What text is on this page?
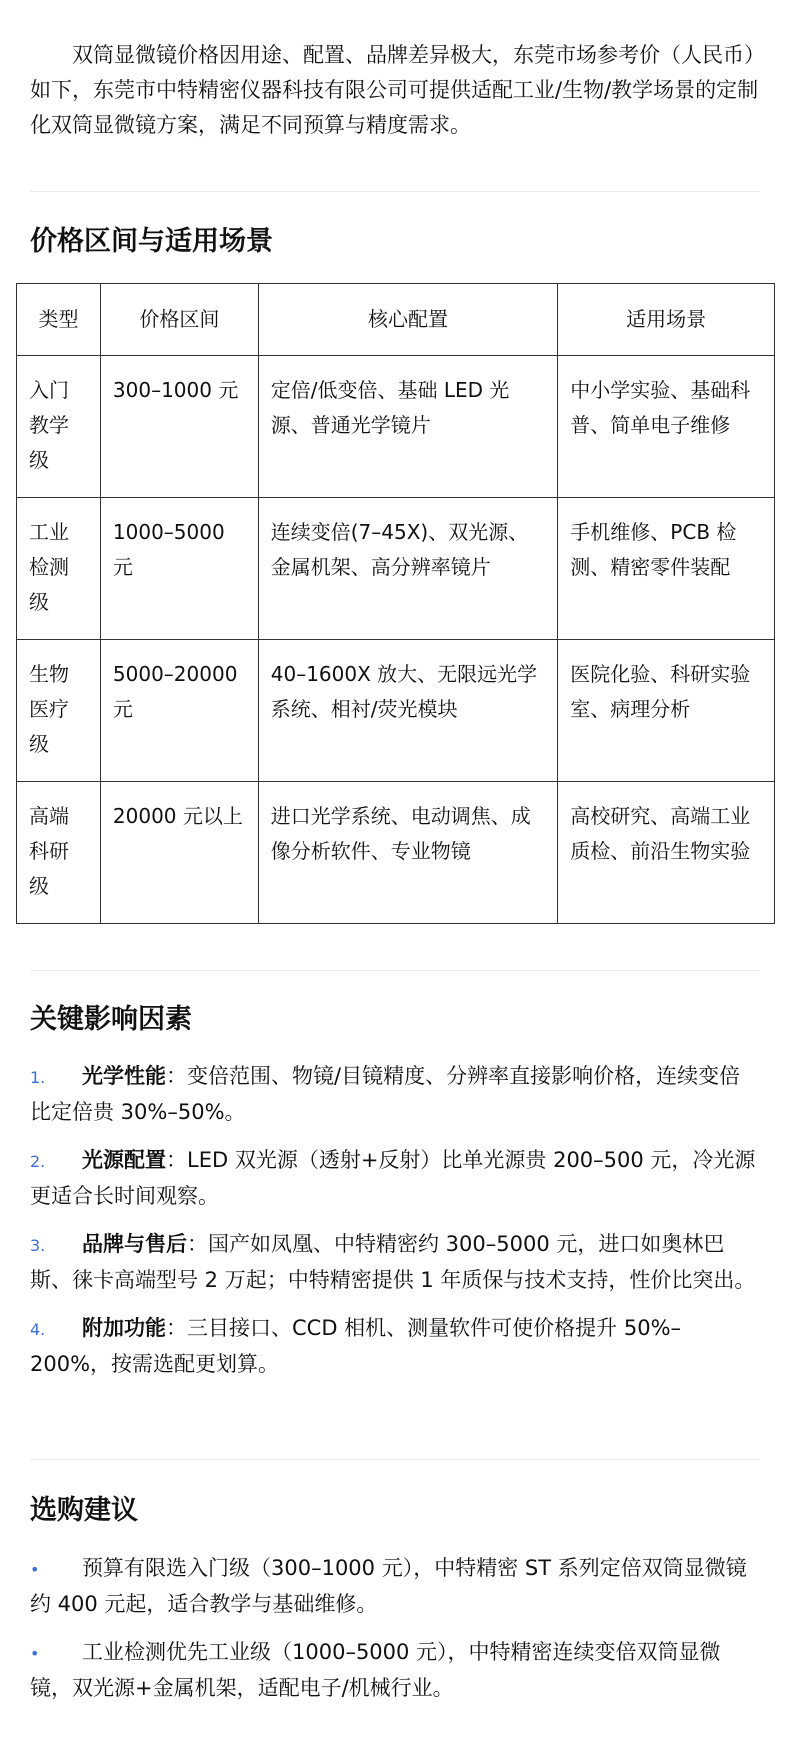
双筒显微镜价格因用途、配置、品牌差异极大，东莞市场参考价（人民币）如下，东莞市中特精密仪器科技有限公司可提供适配工业/生物/教学场景的定制化双筒显微镜方案，满足不同预算与精度需求。

价格区间与适用场景
类型	价格区间	核心配置	适用场景
入门教学级	300–1000 元	定倍/低变倍、基础 LED 光源、普通光学镜片	中小学实验、基础科普、简单电子维修
工业检测级	1000–5000 元	连续变倍(7–45X)、双光源、金属机架、高分辨率镜片	手机维修、PCB 检测、精密零件装配
生物医疗级	5000–20000 元	40–1600X 放大、无限远光学系统、相衬/荧光模块	医院化验、科研实验室、病理分析
高端科研级	20000 元以上	进口光学系统、电动调焦、成像分析软件、专业物镜	高校研究、高端工业质检、前沿生物实验
关键影响因素
1. 光学性能：变倍范围、物镜/目镜精度、分辨率直接影响价格，连续变倍比定倍贵 30%–50%。
2. 光源配置：LED 双光源（透射+反射）比单光源贵 200–500 元，冷光源更适合长时间观察。
3. 品牌与售后：国产如凤凰、中特精密约 300–5000 元，进口如奥林巴斯、徕卡高端型号 2 万起；中特精密提供 1 年质保与技术支持，性价比突出。
4. 附加功能：三目接口、CCD 相机、测量软件可使价格提升 50%–200%，按需选配更划算。
选购建议
• 预算有限选入门级（300–1000 元），中特精密 ST 系列定倍双筒显微镜约 400 元起，适合教学与基础维修。
• 工业检测优先工业级（1000–5000 元），中特精密连续变倍双筒显微镜，双光源+金属机架，适配电子/机械行业。
